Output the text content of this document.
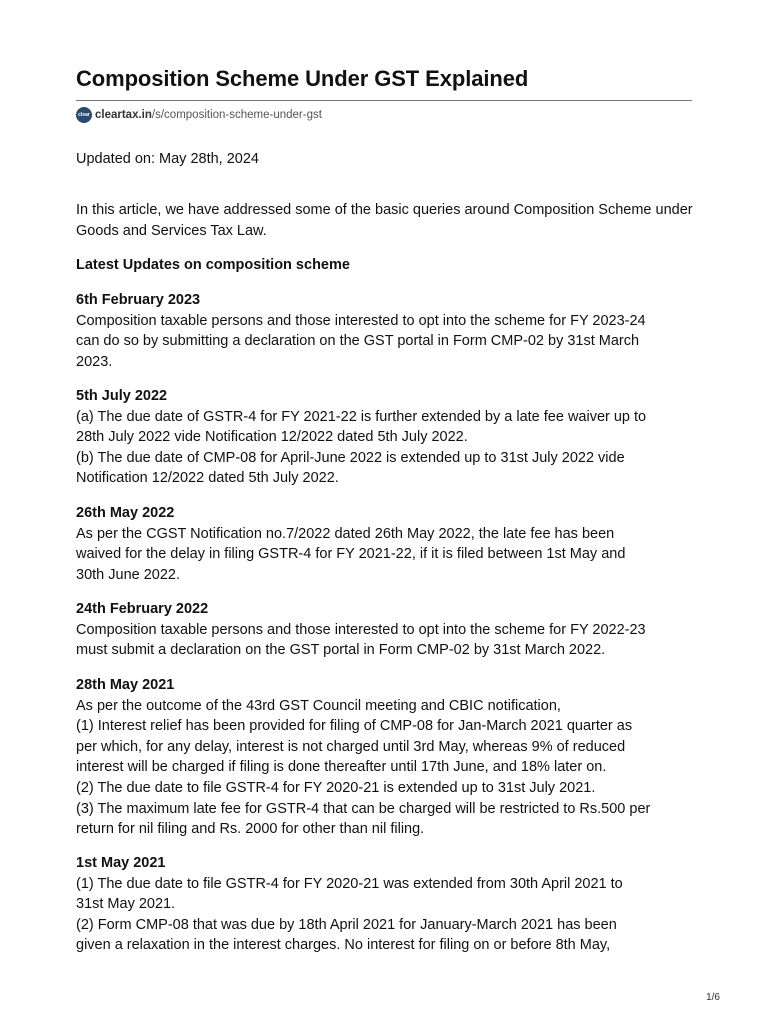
Composition Scheme Under GST Explained
clear cleartax.in /s/composition-scheme-under-gst

Updated on: May 28th, 2024

In this article, we have addressed some of the basic queries around Composition Scheme under Goods and Services Tax Law.

Latest Updates on composition scheme

6th February 2023

Composition taxable persons and those interested to opt into the scheme for FY 2023-24

can do so by submitting a declaration on the GST portal in Form CMP-02 by 31st March

2023.

5th July 2022

(a) The due date of GSTR-4 for FY 2021-22 is further extended by a late fee waiver up to

28th July 2022 vide Notification 12/2022 dated 5th July 2022.

(b) The due date of CMP-08 for April-June 2022 is extended up to 31st July 2022 vide

Notification 12/2022 dated 5th July 2022.

26th May 2022

As per the CGST Notification no.7/2022 dated 26th May 2022, the late fee has been

waived for the delay in filing GSTR-4 for FY 2021-22, if it is filed between 1st May and

30th June 2022.

24th February 2022

Composition taxable persons and those interested to opt into the scheme for FY 2022-23

must submit a declaration on the GST portal in Form CMP-02 by 31st March 2022.

28th May 2021

As per the outcome of the 43rd GST Council meeting and CBIC notification,

(1) Interest relief has been provided for filing of CMP-08 for Jan-March 2021 quarter as

per which, for any delay, interest is not charged until 3rd May, whereas 9% of reduced

interest will be charged if filing is done thereafter until 17th June, and 18% later on.

(2) The due date to file GSTR-4 for FY 2020-21 is extended up to 31st July 2021.

(3) The maximum late fee for GSTR-4 that can be charged will be restricted to Rs.500 per

return for nil filing and Rs. 2000 for other than nil filing.

1st May 2021

(1) The due date to file GSTR-4 for FY 2020-21 was extended from 30th April 2021 to

31st May 2021.

(2) Form CMP-08 that was due by 18th April 2021 for January-March 2021 has been

given a relaxation in the interest charges. No interest for filing on or before 8th May,

1/6
